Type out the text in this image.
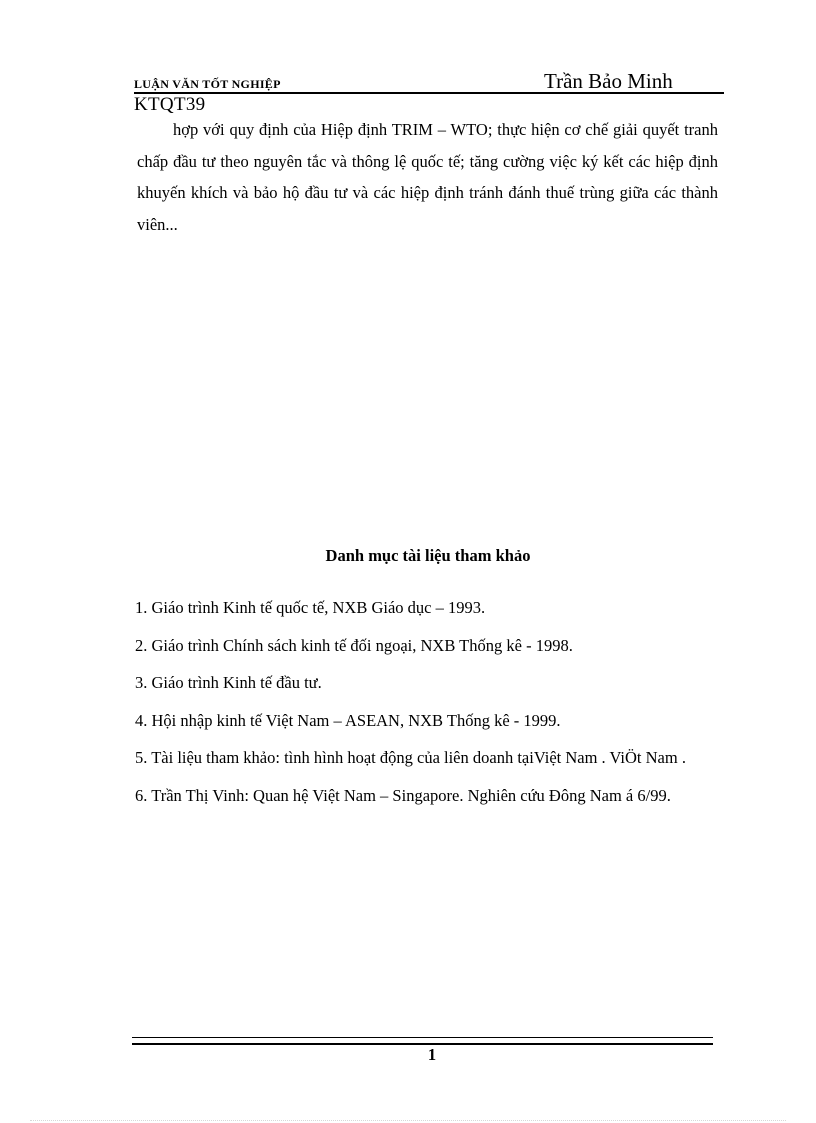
LUẬN VĂN TỐT NGHIỆP	Trần Bảo Minh
KTQT39

hợp với quy định của Hiệp định TRIM – WTO; thực hiện cơ chế giải quyết tranh chấp đầu tư theo nguyên tắc và thông lệ quốc tế; tăng cường việc ký kết các hiệp định khuyến khích và bảo hộ đầu tư và các hiệp định tránh đánh thuế trùng giữa các thành viên...

Danh mục tài liệu tham khảo
1. Giáo trình Kinh tế quốc tế, NXB Giáo dục – 1993.
2. Giáo trình Chính sách kinh tế đối ngoại, NXB Thống kê - 1998.
3. Giáo trình Kinh tế đầu tư.
4. Hội nhập kinh tế Việt Nam – ASEAN, NXB Thống kê - 1999.
5. Tài liệu tham khảo: tình hình hoạt động của liên doanh tạiViệt Nam . ViÖt Nam .
6. Trần Thị Vinh: Quan hệ Việt Nam – Singapore. Nghiên cứu Đông Nam á 6/99.
1
